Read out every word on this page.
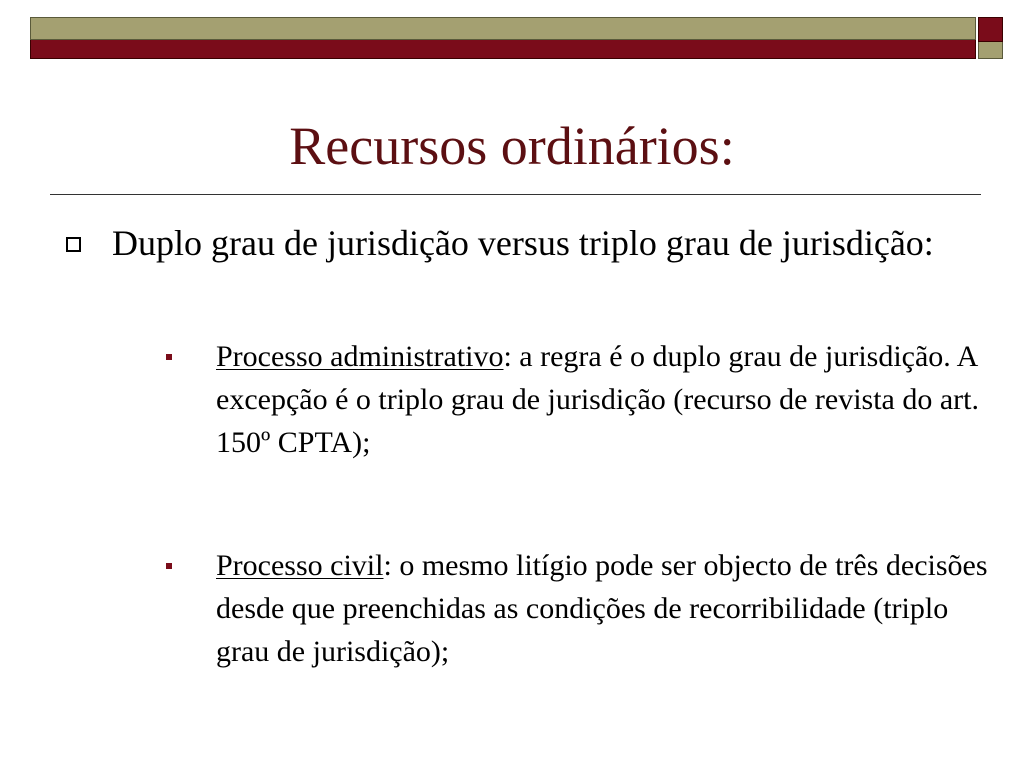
Recursos ordinários:

Duplo grau de jurisdição versus triplo grau de jurisdição:

Processo administrativo: a regra é o duplo grau de jurisdição. A excepção é o triplo grau de jurisdição (recurso de revista do art. 150º CPTA);

Processo civil: o mesmo litígio pode ser objecto de três decisões desde que preenchidas as condições de recorribilidade (triplo grau de jurisdição);
